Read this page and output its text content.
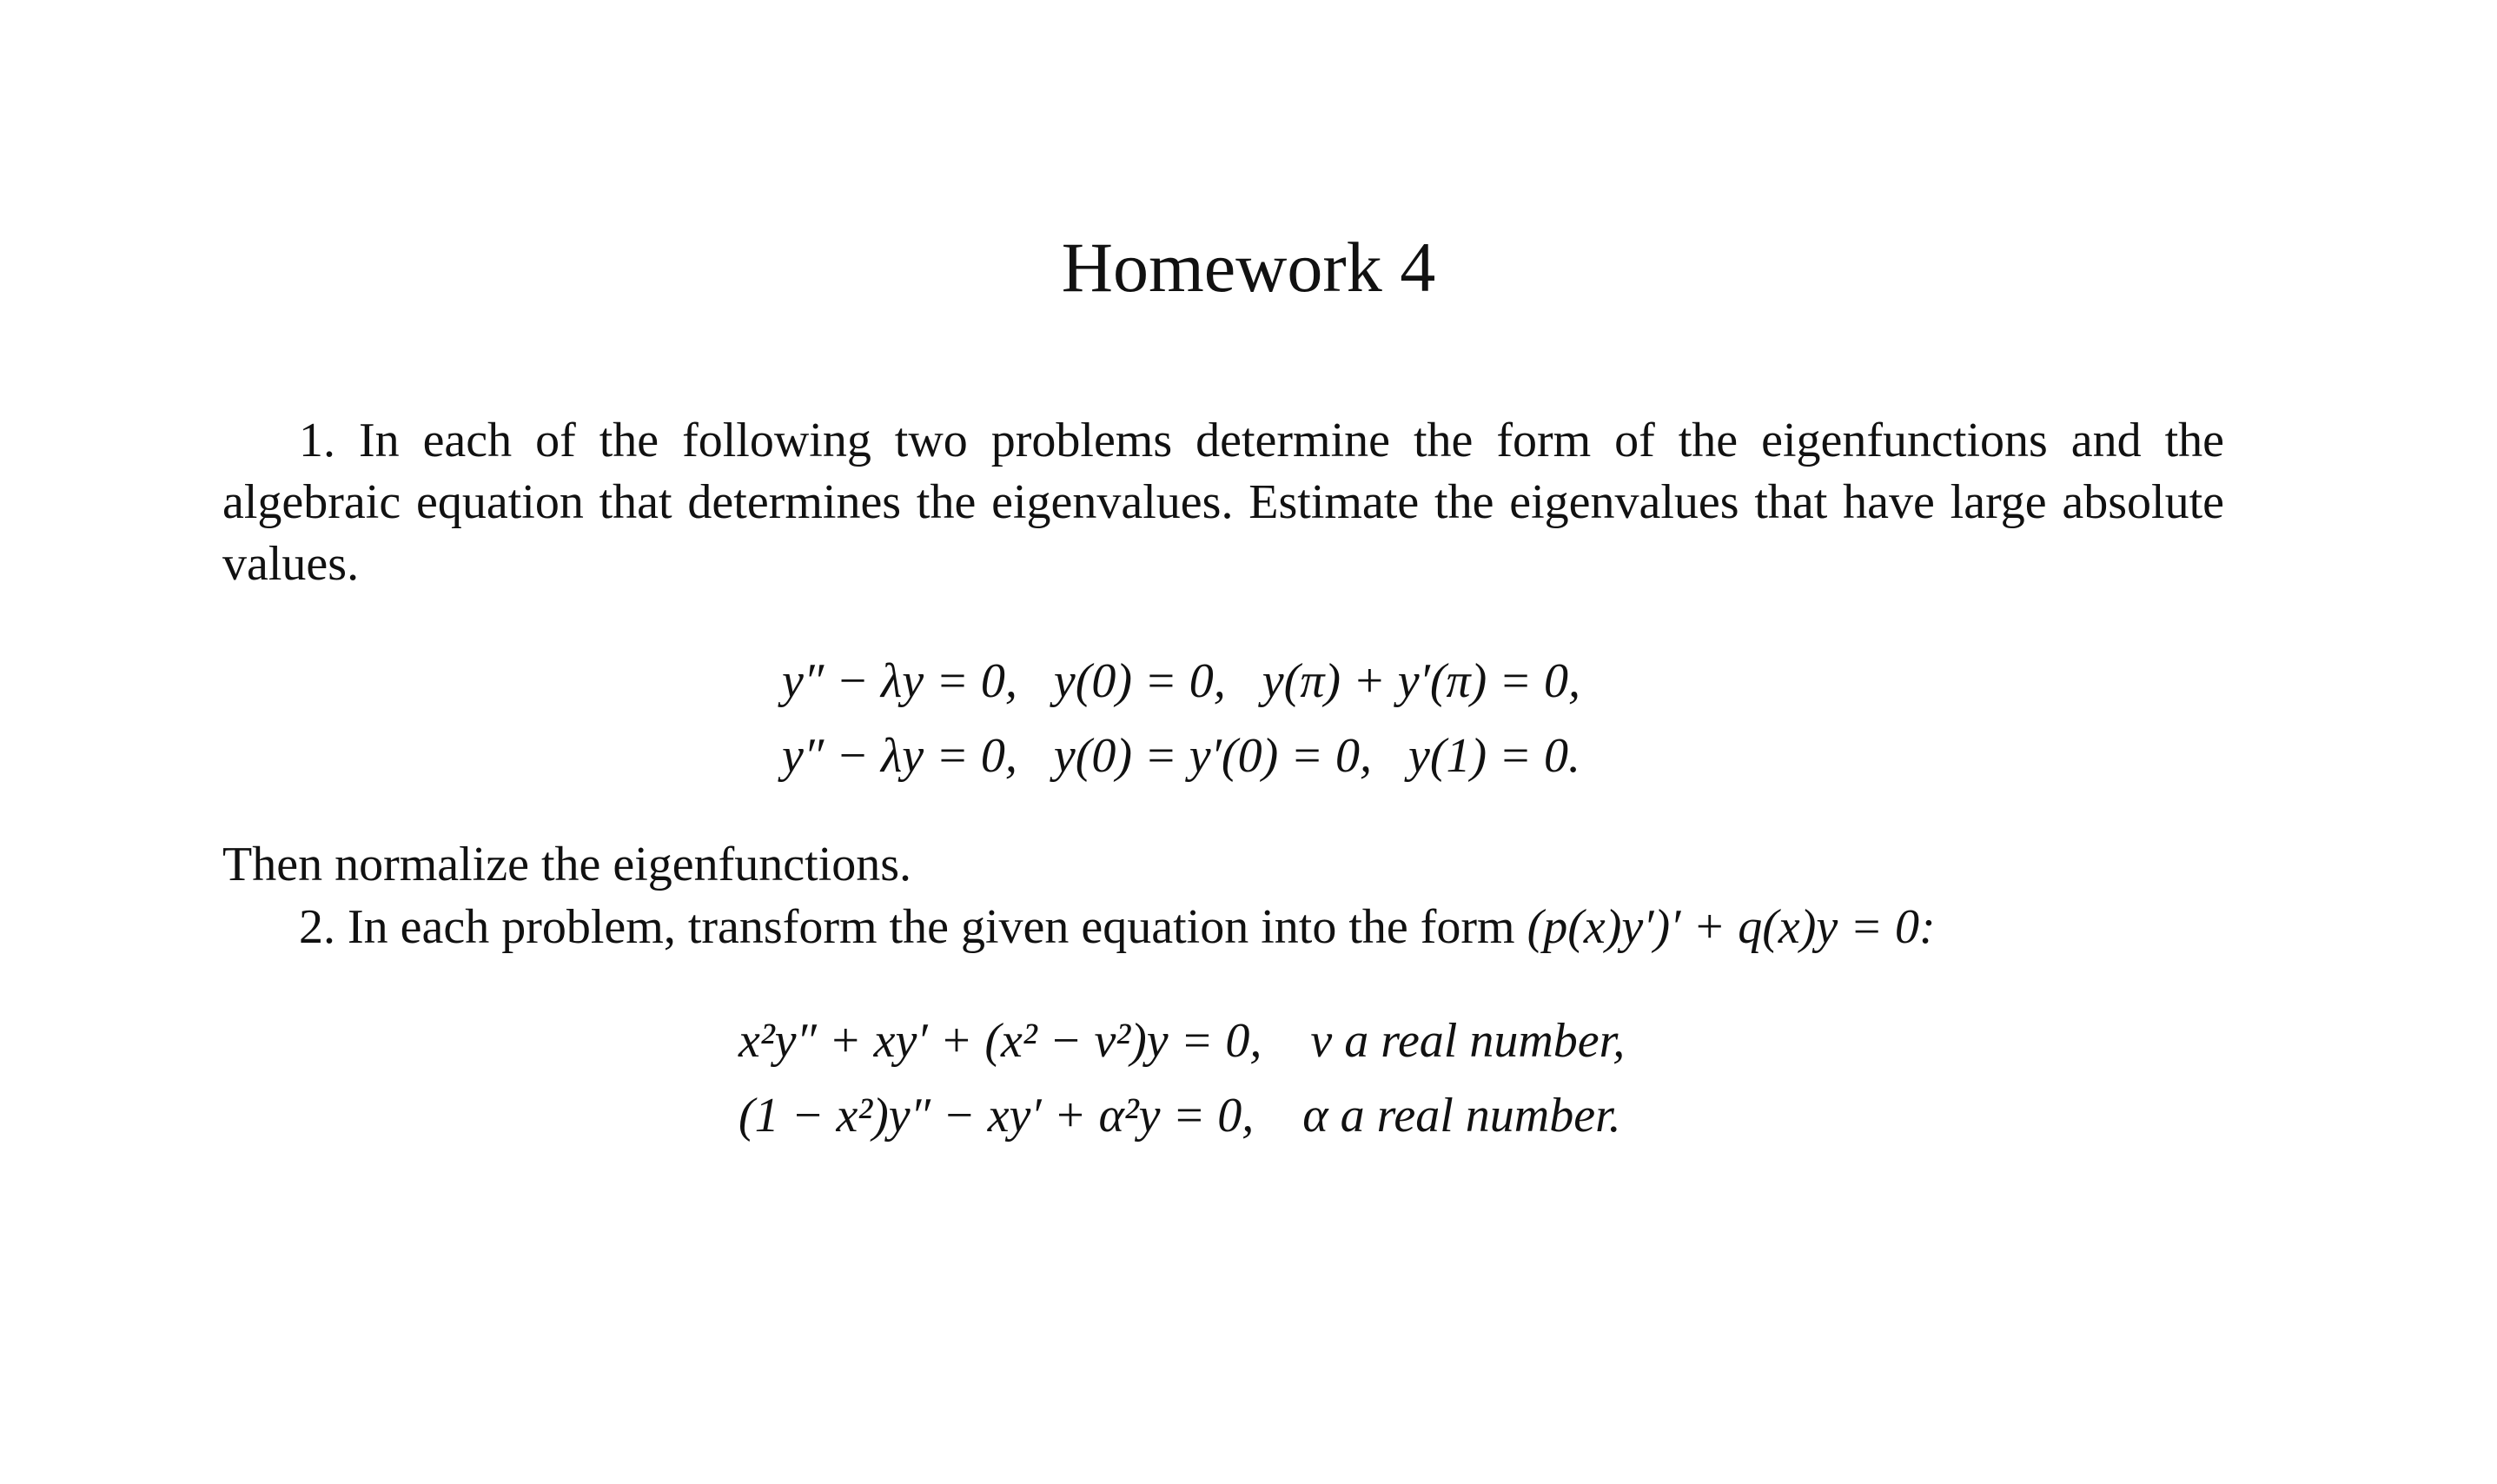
Homework 4
1. In each of the following two problems determine the form of the eigenfunctions and the algebraic equation that determines the eigenvalues. Estimate the eigenvalues that have large absolute values.
y″ − λy = 0,   y(0) = 0,   y(π) + y′(π) = 0,
y″ − λy = 0,   y(0) = y′(0) = 0,   y(1) = 0.
Then normalize the eigenfunctions.
2. In each problem, transform the given equation into the form (p(x)y′)′ + q(x)y = 0:
x²y″ + xy′ + (x² − ν²)y = 0,    ν a real number,
(1 − x²)y″ − xy′ + α²y = 0,    α a real number.
